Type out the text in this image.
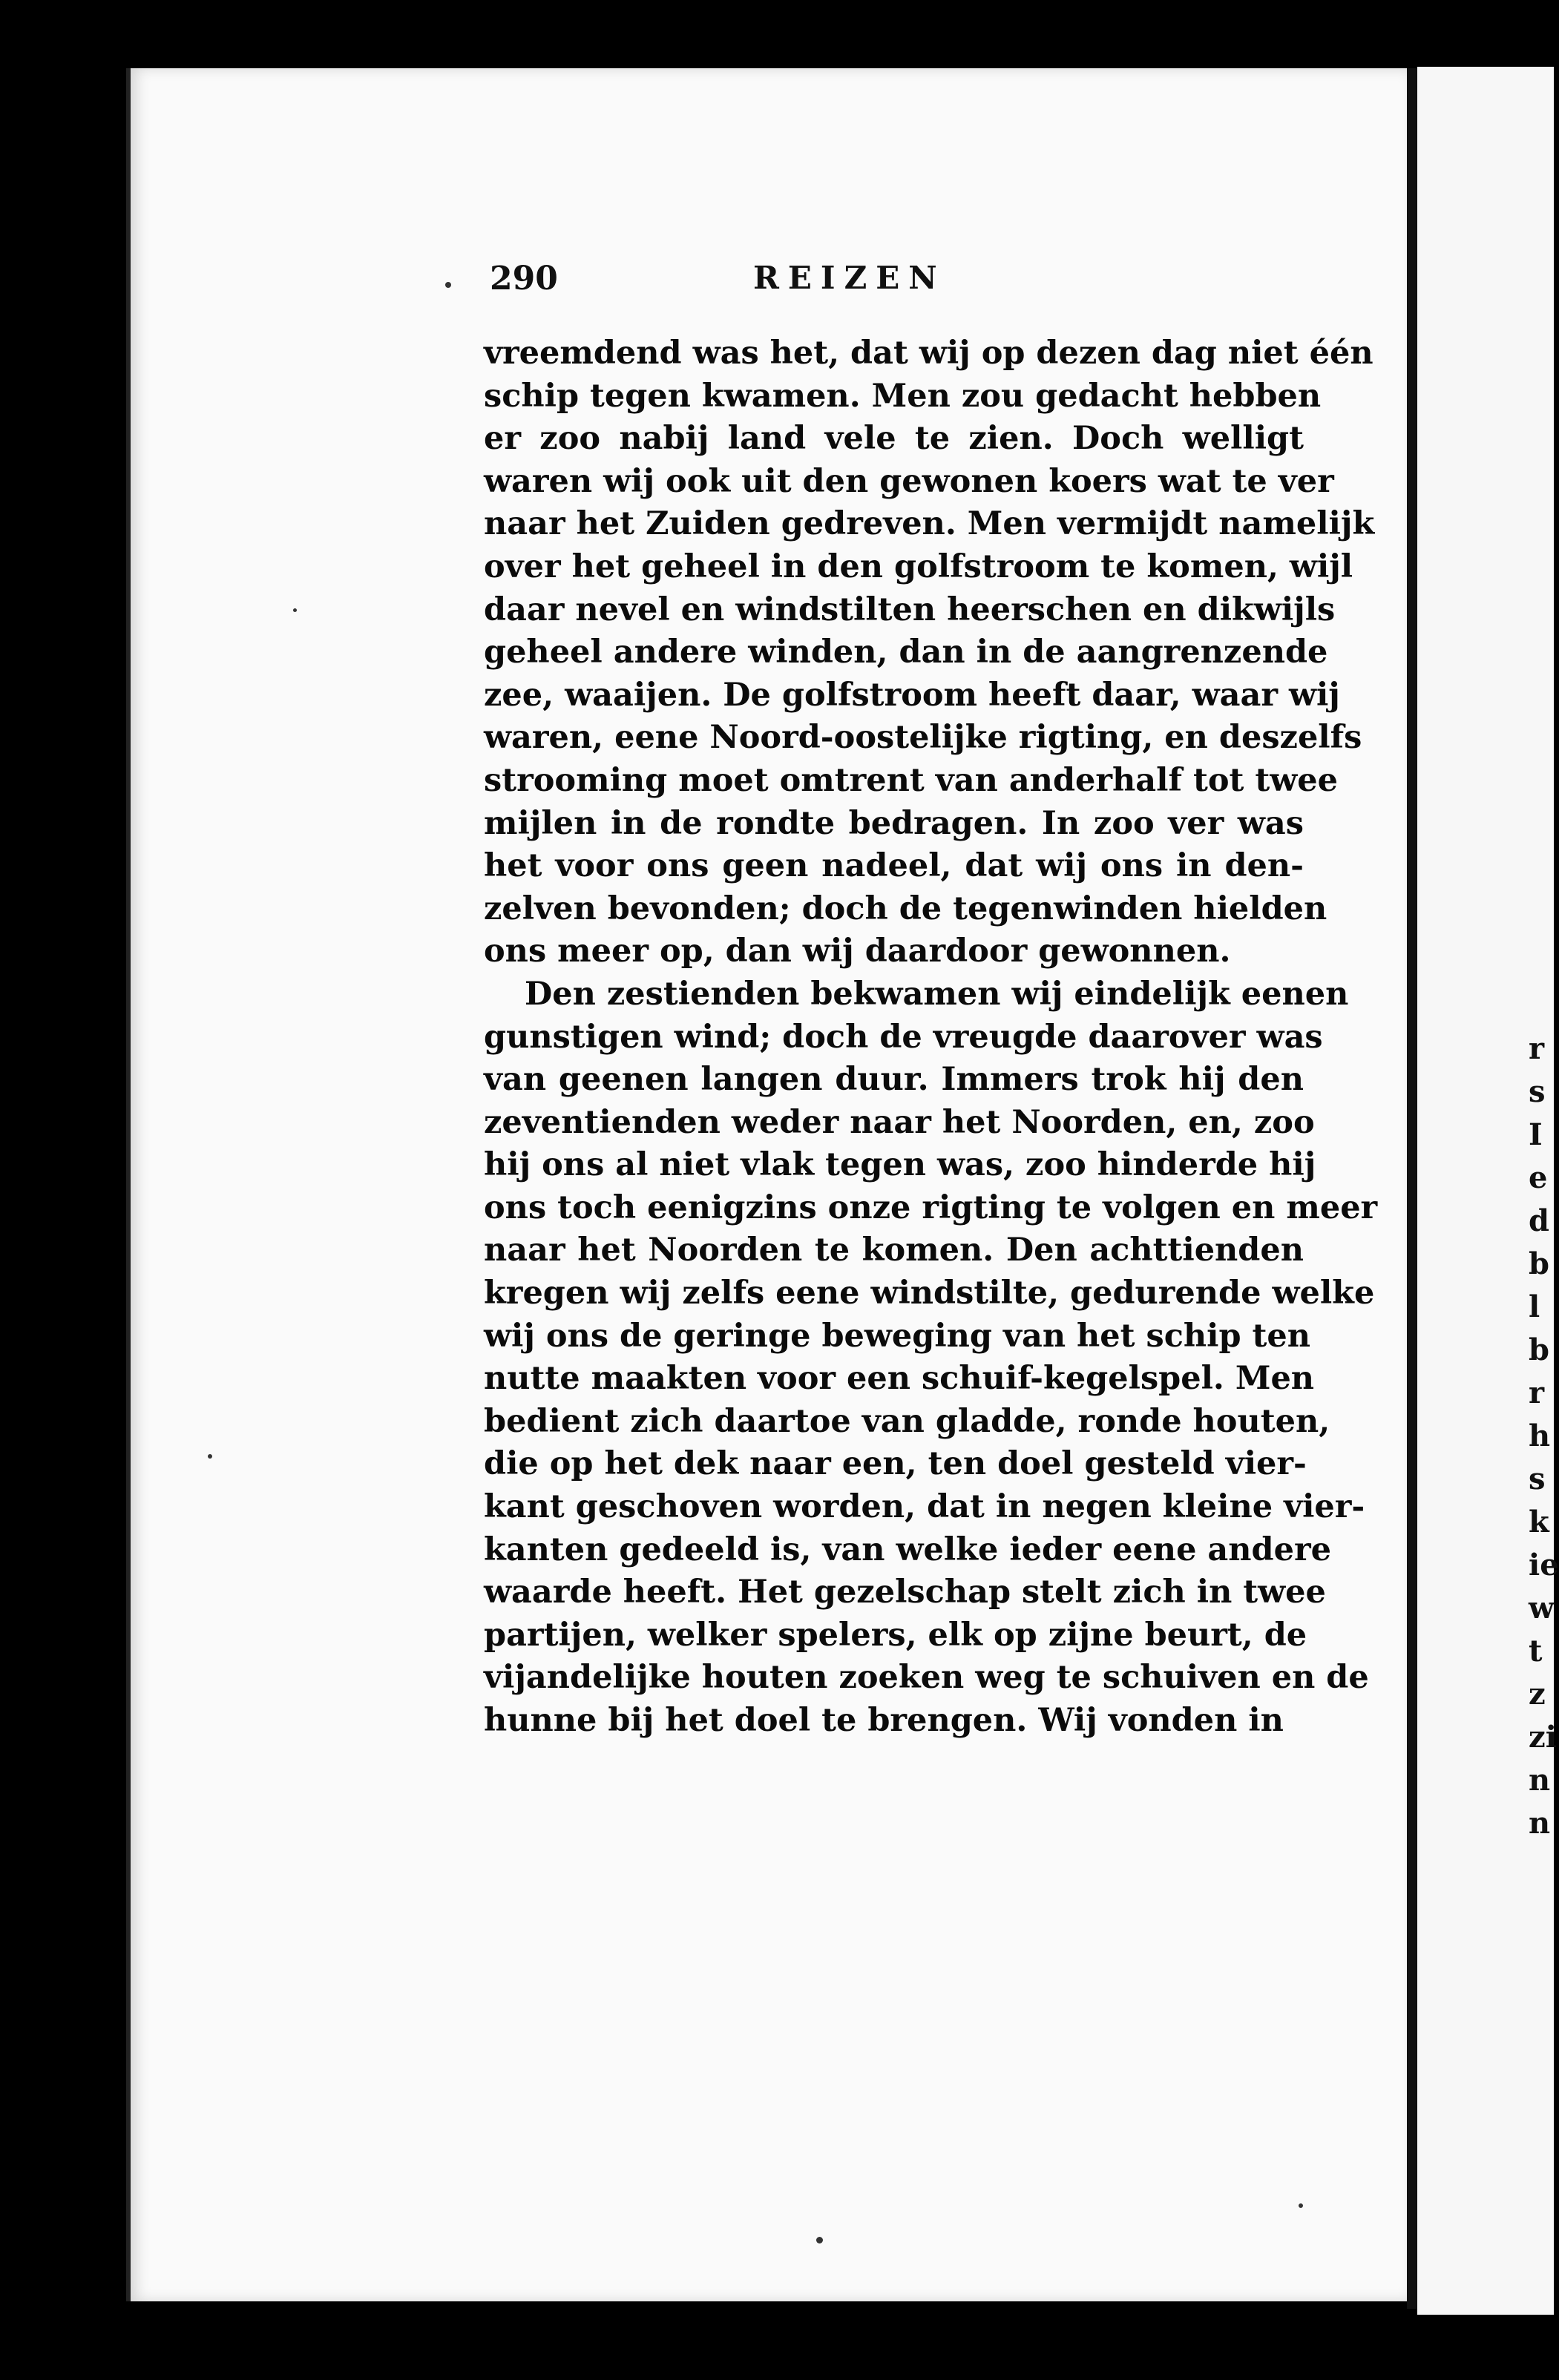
r
s
I
e
d
b
l
b
r
h
s
k
ie
w
t
z
zi
n
n
290	REIZEN
vreemdend was het, dat wij op dezen dag niet één
schip tegen kwamen. Men zou gedacht hebben
er zoo nabij land vele te zien. Doch welligt
waren wij ook uit den gewonen koers wat te ver
naar het Zuiden gedreven. Men vermijdt namelijk
over het geheel in den golfstroom te komen, wijl
daar nevel en windstilten heerschen en dikwijls
geheel andere winden, dan in de aangrenzende
zee, waaijen. De golfstroom heeft daar, waar wij
waren, eene Noord-oostelijke rigting, en deszelfs
strooming moet omtrent van anderhalf tot twee
mijlen in de rondte bedragen. In zoo ver was
het voor ons geen nadeel, dat wij ons in den-
zelven bevonden; doch de tegenwinden hielden
ons meer op, dan wij daardoor gewonnen.
Den zestienden bekwamen wij eindelijk eenen
gunstigen wind; doch de vreugde daarover was
van geenen langen duur. Immers trok hij den
zeventienden weder naar het Noorden, en, zoo
hij ons al niet vlak tegen was, zoo hinderde hij
ons toch eenigzins onze rigting te volgen en meer
naar het Noorden te komen. Den achttienden
kregen wij zelfs eene windstilte, gedurende welke
wij ons de geringe beweging van het schip ten
nutte maakten voor een schuif-kegelspel. Men
bedient zich daartoe van gladde, ronde houten,
die op het dek naar een, ten doel gesteld vier-
kant geschoven worden, dat in negen kleine vier-
kanten gedeeld is, van welke ieder eene andere
waarde heeft. Het gezelschap stelt zich in twee
partijen, welker spelers, elk op zijne beurt, de
vijandelijke houten zoeken weg te schuiven en de
hunne bij het doel te brengen. Wij vonden in
